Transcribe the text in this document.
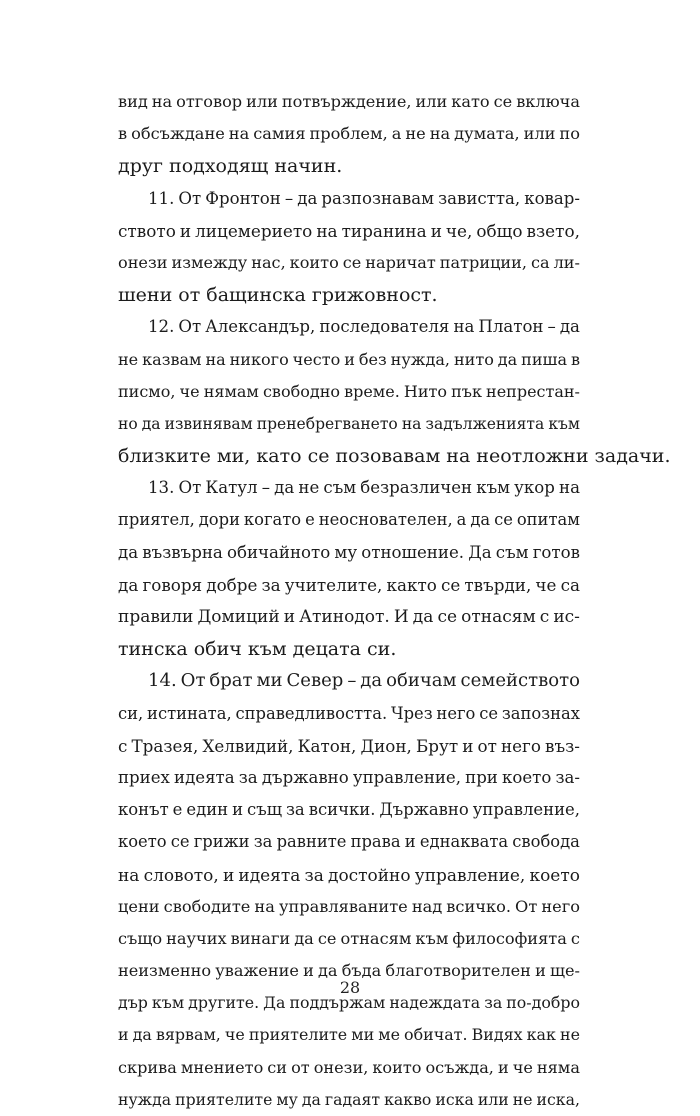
вид на отговор или потвърждение, или като се включа
в обсъждане на самия проблем, а не на думата, или по
друг подходящ начин.
11. От Фронтон – да разпознавам завистта, ковар-
ството и лицемерието на тиранина и че, общо взето,
онези измежду нас, които се наричат патриции, са ли-
шени от бащинска грижовност.
12. От Александър, последователя на Платон – да
не казвам на никого често и без нужда, нито да пиша в
писмо, че нямам свободно време. Нито пък непрестан-
но да извинявам пренебрегването на задълженията към
близките ми, като се позовавам на неотложни задачи.
13. От Катул – да не съм безразличен към укор на
приятел, дори когато е неоснователен, а да се опитам
да възвърна обичайното му отношение. Да съм готов
да говоря добре за учителите, както се твърди, че са
правили Домиций и Атинодот. И да се отнасям с ис-
тинска обич към децата си.
14. От брат ми Север – да обичам семейството
си, истината, справедливостта. Чрез него се запознах
с Тразея, Хелвидий, Катон, Дион, Брут и от него въз-
приех идеята за държавно управление, при което за-
конът е един и същ за всички. Държавно управление,
което се грижи за равните права и еднаквата свобода
на словото, и идеята за достойно управление, което
цени свободите на управляваните над всичко. От него
също научих винаги да се отнасям към философията с
неизменно уважение и да бъда благотворителен и ще-
дър към другите. Да поддържам надеждата за по-добро
и да вярвам, че приятелите ми ме обичат. Видях как не
скрива мнението си от онези, които осъжда, и че няма
нужда приятелите му да гадаят какво иска или не иска,
28
